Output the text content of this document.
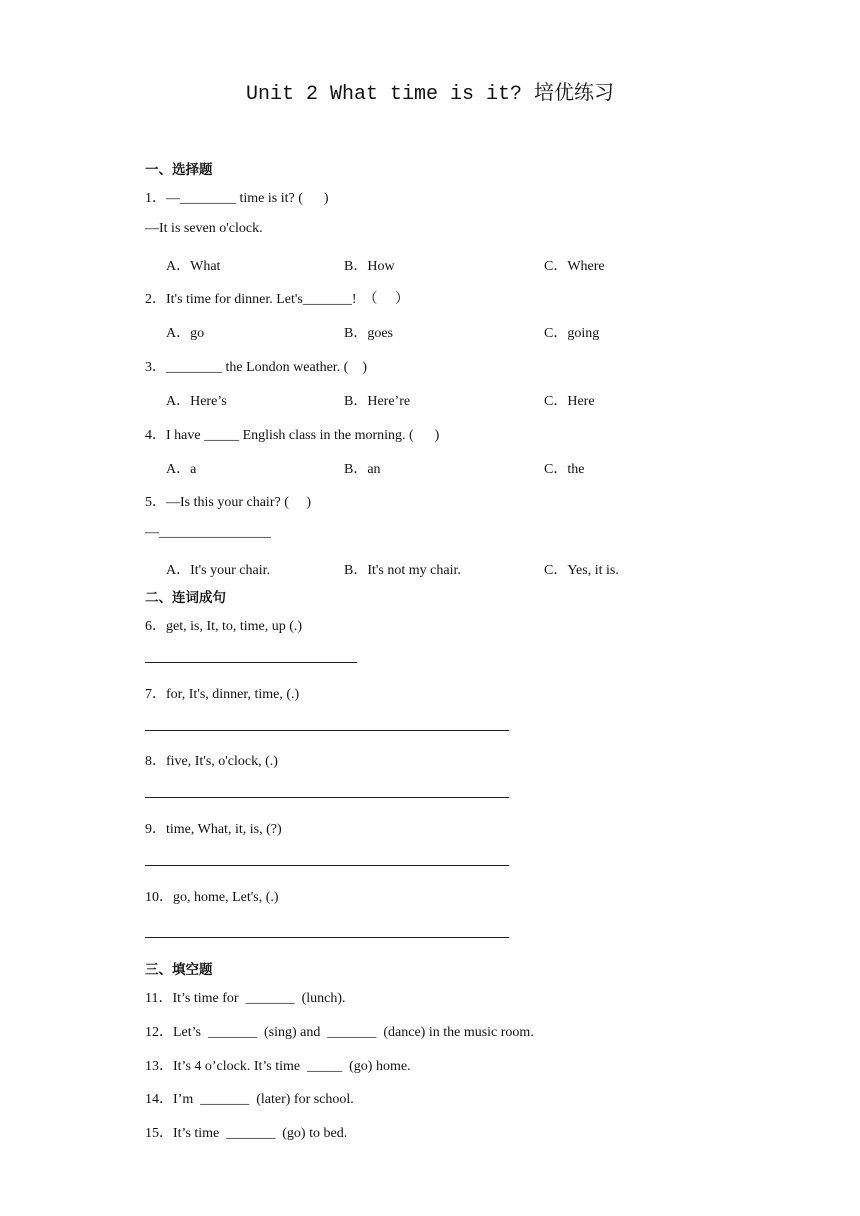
Unit 2 What time is it? 培优练习
一、选择题
1．—________ time is it? (      )
—It is seven o'clock.
A．What	B．How	C．Where
2．It's time for dinner. Let's_______!  （     ）
A．go	B．goes	C．going
3．________ the London weather. (    )
A．Here’s	B．Here’re	C．Here
4．I have _____ English class in the morning. (      )
A．a	B．an	C．the
5．—Is this your chair? (     )
—________________
A．It's your chair.	B．It's not my chair.	C．Yes, it is.
二、连词成句
6．get, is, It, to, time, up (.)
7．for, It's, dinner, time, (.)
8．five, It's, o'clock, (.)
9．time, What, it, is, (?)
10．go, home, Let's, (.)
三、填空题
11．It’s time for  _______  (lunch).
12．Let’s  _______  (sing) and  _______  (dance) in the music room.
13．It’s 4 o’clock. It’s time  _____  (go) home.
14．I’m  _______  (later) for school.
15．It’s time  _______  (go) to bed.
